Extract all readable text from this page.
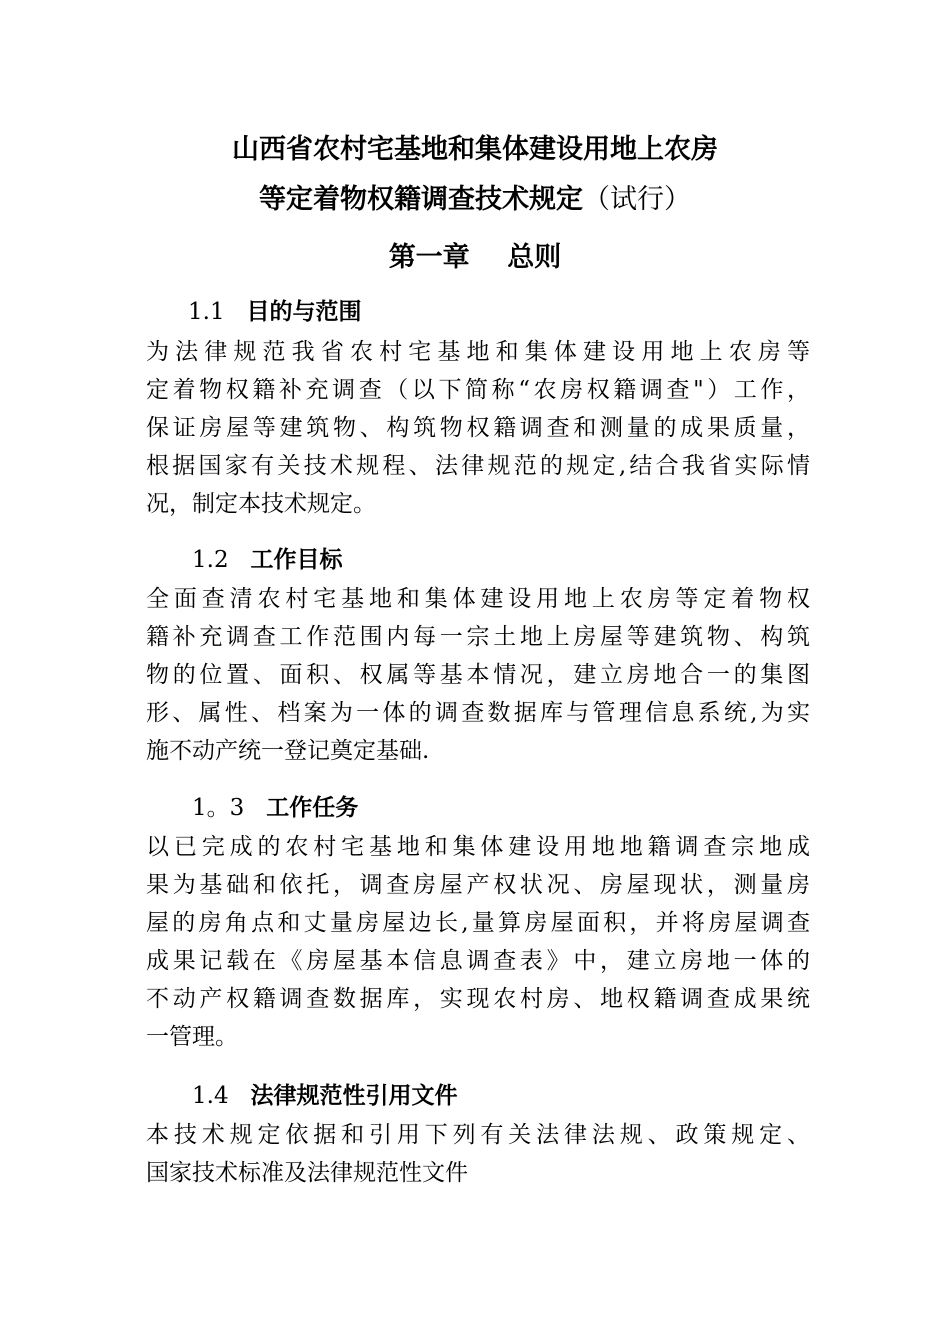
山西省农村宅基地和集体建设用地上农房
等定着物权籍调查技术规定（试行）
第一章 总则
1.1 目的与范围
为法律规范我省农村宅基地和集体建设用地上农房等
定着物权籍补充调查（以下简称“农房权籍调查"）工作，
保证房屋等建筑物、构筑物权籍调查和测量的成果质量，
根据国家有关技术规程、法律规范的规定,结合我省实际情
况，制定本技术规定。
1.2 工作目标
全面查清农村宅基地和集体建设用地上农房等定着物权
籍补充调查工作范围内每一宗土地上房屋等建筑物、构筑
物的位置、面积、权属等基本情况，建立房地合一的集图
形、属性、档案为一体的调查数据库与管理信息系统,为实
施不动产统一登记奠定基础.
1。3 工作任务
以已完成的农村宅基地和集体建设用地地籍调查宗地成
果为基础和依托，调查房屋产权状况、房屋现状，测量房
屋的房角点和丈量房屋边长,量算房屋面积，并将房屋调查
成果记载在《房屋基本信息调查表》中，建立房地一体的
不动产权籍调查数据库，实现农村房、地权籍调查成果统
一管理。
1.4 法律规范性引用文件
本技术规定依据和引用下列有关法律法规、政策规定、
国家技术标准及法律规范性文件
